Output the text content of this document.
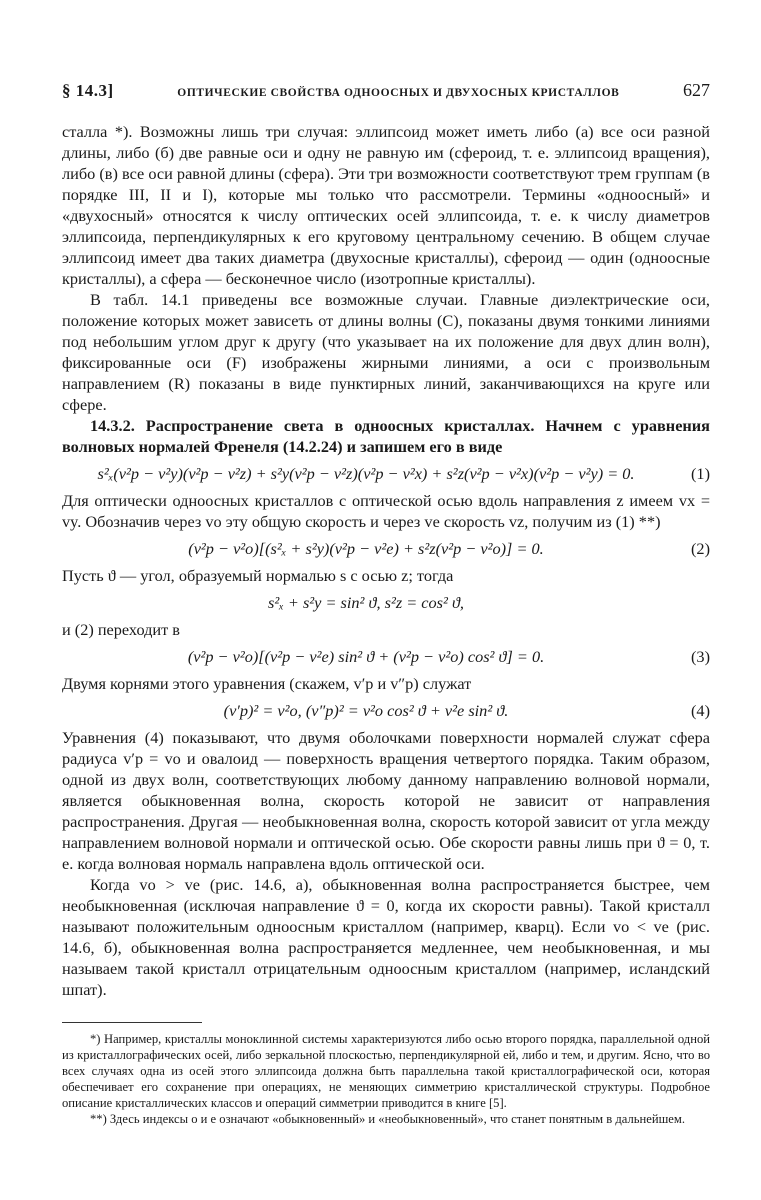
§ 14.3]	ОПТИЧЕСКИЕ СВОЙСТВА ОДНООСНЫХ И ДВУХОСНЫХ КРИСТАЛЛОВ	627

сталла *). Возможны лишь три случая: эллипсоид может иметь либо (а) все оси разной длины, либо (б) две равные оси и одну не равную им (сфероид, т. е. эллипсоид вращения), либо (в) все оси равной длины (сфера). Эти три возможности соответствуют трем группам (в порядке III, II и I), которые мы только что рассмотрели. Термины «одноосный» и «двухосный» относятся к числу оптических осей эллипсоида, т. е. к числу диаметров эллипсоида, перпендикулярных к его круговому центральному сечению. В общем случае эллипсоид имеет два таких диаметра (двухосные кристаллы), сфероид — один (одноосные кристаллы), а сфера — бесконечное число (изотропные кристаллы).

В табл. 14.1 приведены все возможные случаи. Главные диэлектрические оси, положение которых может зависеть от длины волны (C), показаны двумя тонкими линиями под небольшим углом друг к другу (что указывает на их положение для двух длин волн), фиксированные оси (F) изображены жирными линиями, а оси с произвольным направлением (R) показаны в виде пунктирных линий, заканчивающихся на круге или сфере.

14.3.2. Распространение света в одноосных кристаллах. Начнем с уравнения волновых нормалей Френеля (14.2.24) и запишем его в виде

s²ₓ(v²p − v²y)(v²p − v²z) + s²y(v²p − v²z)(v²p − v²x) + s²z(v²p − v²x)(v²p − v²y) = 0.	(1)

Для оптически одноосных кристаллов с оптической осью вдоль направления z имеем vx = vy. Обозначив через vo эту общую скорость и через ve скорость vz, получим из (1) **)

(v²p − v²o)[(s²ₓ + s²y)(v²p − v²e) + s²z(v²p − v²o)] = 0.	(2)

Пусть ϑ — угол, образуемый нормалью s с осью z; тогда

s²ₓ + s²y = sin² ϑ, s²z = cos² ϑ,

и (2) переходит в

(v²p − v²o)[(v²p − v²e) sin² ϑ + (v²p − v²o) cos² ϑ] = 0.	(3)

Двумя корнями этого уравнения (скажем, v′p и v″p) служат

(v′p)² = v²o, (v″p)² = v²o cos² ϑ + v²e sin² ϑ.	(4)

Уравнения (4) показывают, что двумя оболочками поверхности нормалей служат сфера радиуса v′p = vo и овалоид — поверхность вращения четвертого порядка. Таким образом, одной из двух волн, соответствующих любому данному направлению волновой нормали, является обыкновенная волна, скорость которой не зависит от направления распространения. Другая — необыкновенная волна, скорость которой зависит от угла между направлением волновой нормали и оптической осью. Обе скорости равны лишь при ϑ = 0, т. е. когда волновая нормаль направлена вдоль оптической оси.

Когда vo > ve (рис. 14.6, а), обыкновенная волна распространяется быстрее, чем необыкновенная (исключая направление ϑ = 0, когда их скорости равны). Такой кристалл называют положительным одноосным кристаллом (например, кварц). Если vo < ve (рис. 14.6, б), обыкновенная волна распространяется медленнее, чем необыкновенная, и мы называем такой кристалл отрицательным одноосным кристаллом (например, исландский шпат).

*) Например, кристаллы моноклинной системы характеризуются либо осью второго порядка, параллельной одной из кристаллографических осей, либо зеркальной плоскостью, перпендикулярной ей, либо и тем, и другим. Ясно, что во всех случаях одна из осей этого эллипсоида должна быть параллельна такой кристаллографической оси, которая обеспечивает его сохранение при операциях, не меняющих симметрию кристаллической структуры. Подробное описание кристаллических классов и операций симметрии приводится в книге [5].

**) Здесь индексы o и e означают «обыкновенный» и «необыкновенный», что станет понятным в дальнейшем.
